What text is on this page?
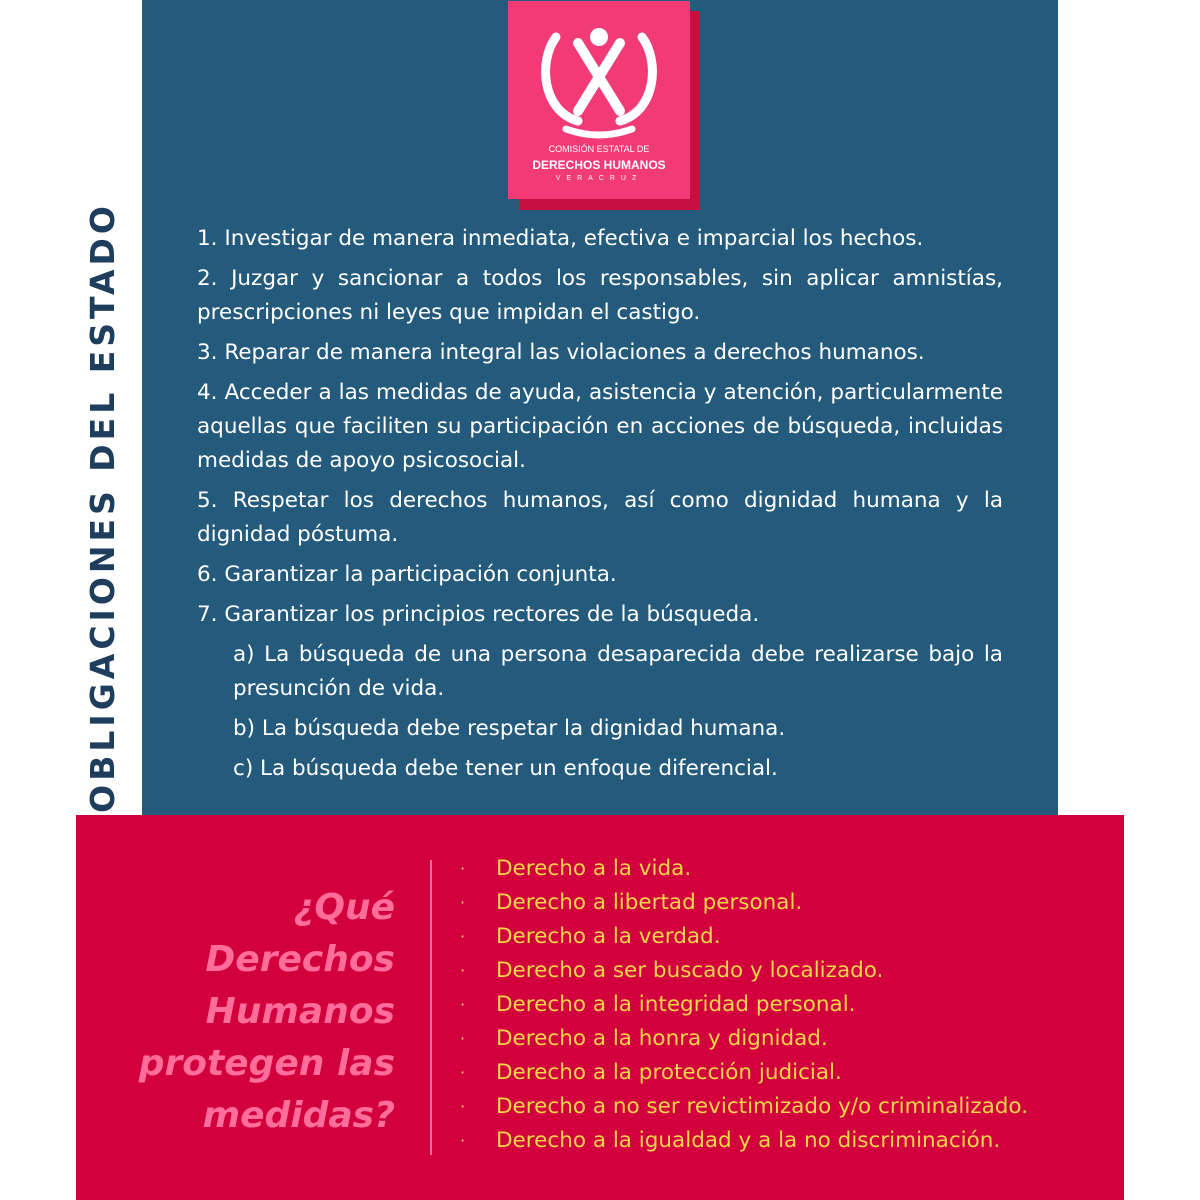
OBLIGACIONES DEL ESTADO
COMISIÓN ESTATAL DE
DERECHOS HUMANOS
VERACRUZ
1. Investigar de manera inmediata, efectiva e imparcial los hechos.
2. Juzgar y sancionar a todos los responsables, sin aplicar amnistías, prescripciones ni leyes que impidan el castigo.
3. Reparar de manera integral las violaciones a derechos humanos.
4. Acceder a las medidas de ayuda, asistencia y atención, particularmente aquellas que faciliten su participación en acciones de búsqueda, incluidas medidas de apoyo psicosocial.
5. Respetar los derechos humanos, así como dignidad humana y la dignidad póstuma.
6. Garantizar la participación conjunta.
7. Garantizar los principios rectores de la búsqueda.
a) La búsqueda de una persona desaparecida debe realizarse bajo la presunción de vida.
b) La búsqueda debe respetar la dignidad humana.
c) La búsqueda debe tener un enfoque diferencial.
¿Qué
Derechos
Humanos
protegen las
medidas?
· Derecho a la vida.
· Derecho a libertad personal.
· Derecho a la verdad.
· Derecho a ser buscado y localizado.
· Derecho a la integridad personal.
· Derecho a la honra y dignidad.
· Derecho a la protección judicial.
· Derecho a no ser revictimizado y/o criminalizado.
· Derecho a la igualdad y a la no discriminación.
